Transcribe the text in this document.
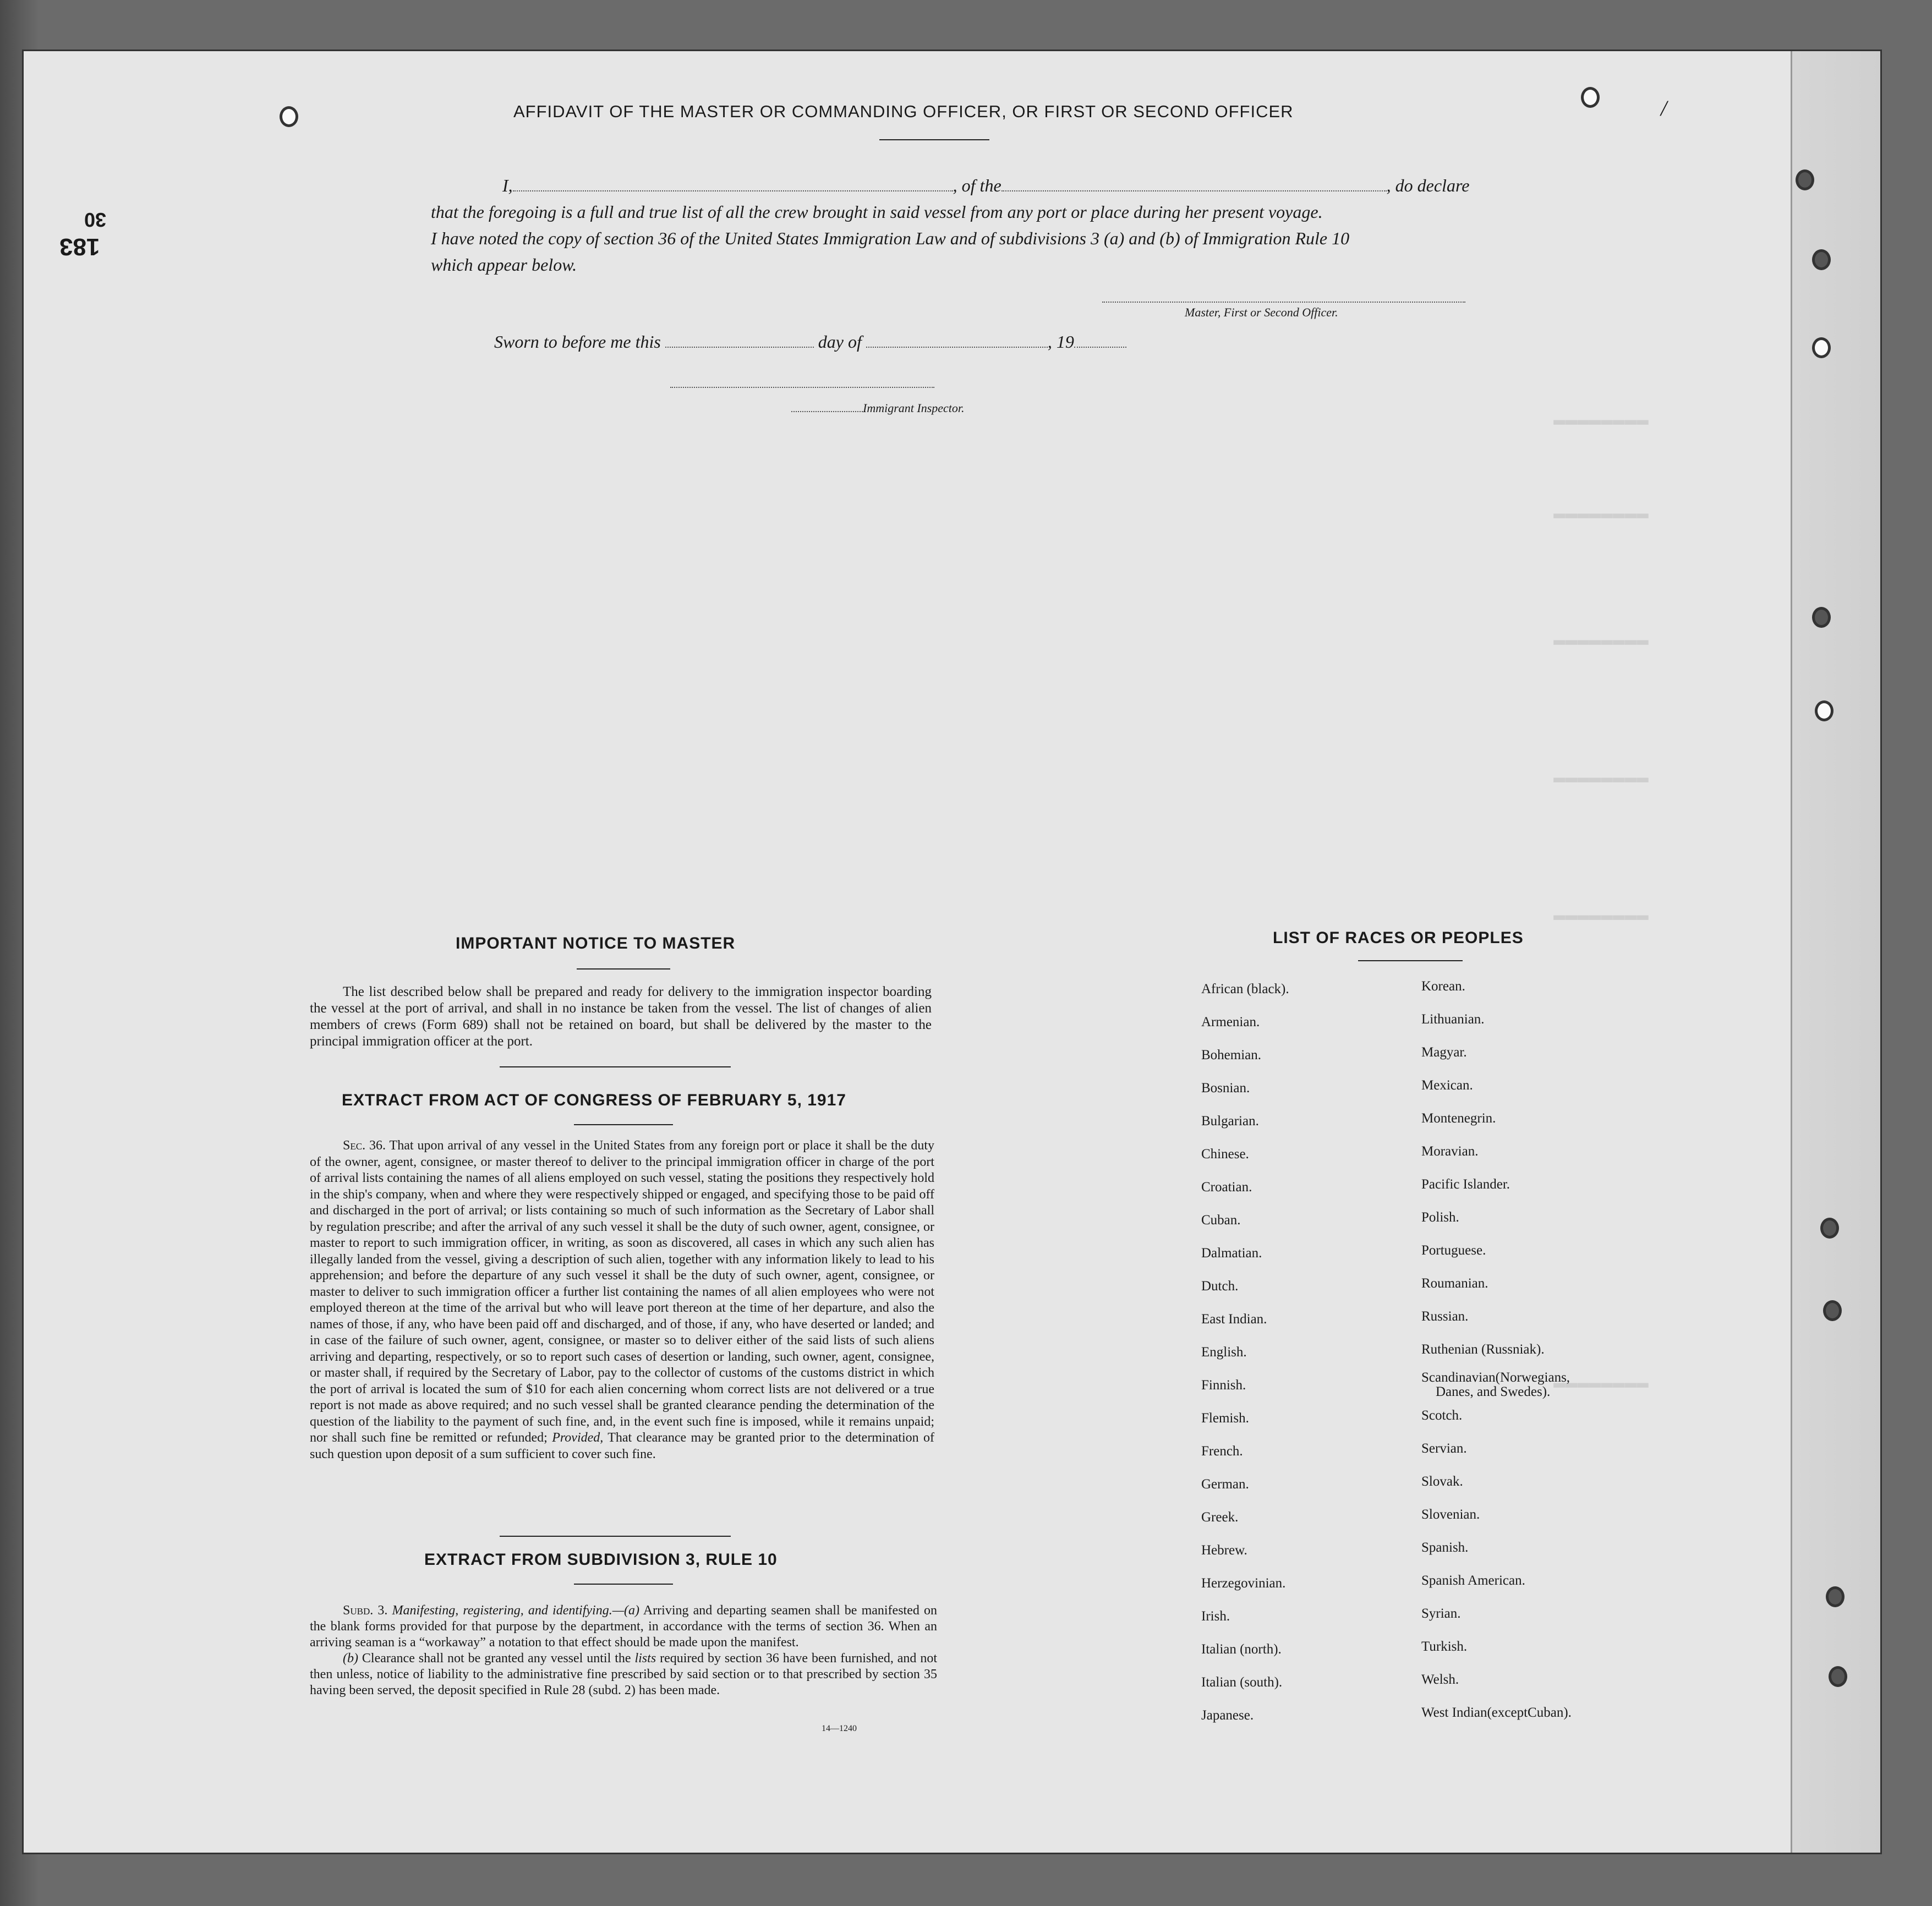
▬▬▬▬▬▬▬▬
▬▬▬▬▬▬▬▬
▬▬▬▬▬▬▬▬
▬▬▬▬▬▬▬▬
▬▬▬▬▬▬▬▬
▬▬▬▬▬▬▬▬
/
30
183
AFFIDAVIT OF THE MASTER OR COMMANDING OFFICER, OR FIRST OR SECOND OFFICER

I,	, of the	, do declare

that the foregoing is a full and true list of all the crew brought in said vessel from any port or place during her present voyage.

I have noted the copy of section 36 of the United States Immigration Law and of subdivisions 3 (a) and (b) of Immigration Rule 10

which appear below.

Master, First or Second Officer.
Sworn to before me this	day of	, 19
Immigrant Inspector.
IMPORTANT NOTICE TO MASTER

The list described below shall be prepared and ready for delivery to the immigration inspector boarding the vessel at the port of arrival, and shall in no instance be taken from the vessel. The list of changes of alien members of crews (Form 689) shall not be retained on board, but shall be delivered by the master to the principal immigration officer at the port.

EXTRACT FROM ACT OF CONGRESS OF FEBRUARY 5, 1917

Sec. 36. That upon arrival of any vessel in the United States from any foreign port or place it shall be the duty of the owner, agent, consignee, or master thereof to deliver to the principal immigration officer in charge of the port of arrival lists containing the names of all aliens employed on such vessel, stating the positions they respectively hold in the ship's company, when and where they were respectively shipped or engaged, and specifying those to be paid off and discharged in the port of arrival; or lists containing so much of such information as the Secretary of Labor shall by regulation prescribe; and after the arrival of any such vessel it shall be the duty of such owner, agent, consignee, or master to report to such immigration officer, in writing, as soon as discovered, all cases in which any such alien has illegally landed from the vessel, giving a description of such alien, together with any information likely to lead to his apprehension; and before the departure of any such vessel it shall be the duty of such owner, agent, consignee, or master to deliver to such immigration officer a further list containing the names of all alien employees who were not employed thereon at the time of the arrival but who will leave port thereon at the time of her departure, and also the names of those, if any, who have been paid off and discharged, and of those, if any, who have deserted or landed; and in case of the failure of such owner, agent, consignee, or master so to deliver either of the said lists of such aliens arriving and departing, respectively, or so to report such cases of desertion or landing, such owner, agent, consignee, or master shall, if required by the Secretary of Labor, pay to the collector of customs of the customs district in which the port of arrival is located the sum of $10 for each alien concerning whom correct lists are not delivered or a true report is not made as above required; and no such vessel shall be granted clearance pending the determination of the question of the liability to the payment of such fine, and, in the event such fine is imposed, while it remains unpaid; nor shall such fine be remitted or refunded; Provided, That clearance may be granted prior to the determination of such question upon deposit of a sum sufficient to cover such fine.

EXTRACT FROM SUBDIVISION 3, RULE 10

Subd. 3. Manifesting, registering, and identifying.—(a) Arriving and departing seamen shall be manifested on the blank forms provided for that purpose by the department, in accordance with the terms of section 36. When an arriving seaman is a “workaway” a notation to that effect should be made upon the manifest.

(b) Clearance shall not be granted any vessel until the lists required by section 36 have been furnished, and not then unless, notice of liability to the administrative fine prescribed by said section or to that prescribed by section 35 having been served, the deposit specified in Rule 28 (subd. 2) has been made.

14—1240
LIST OF RACES OR PEOPLES
African (black).
Armenian.
Bohemian.
Bosnian.
Bulgarian.
Chinese.
Croatian.
Cuban.
Dalmatian.
Dutch.
East Indian.
English.
Finnish.
Flemish.
French.
German.
Greek.
Hebrew.
Herzegovinian.
Irish.
Italian (north).
Italian (south).
Japanese.
Korean.
Lithuanian.
Magyar.
Mexican.
Montenegrin.
Moravian.
Pacific Islander.
Polish.
Portuguese.
Roumanian.
Russian.
Ruthenian (Russniak).
Scandinavian(Norwegians,
Danes, and Swedes).
Scotch.
Servian.
Slovak.
Slovenian.
Spanish.
Spanish American.
Syrian.
Turkish.
Welsh.
West Indian(exceptCuban).
